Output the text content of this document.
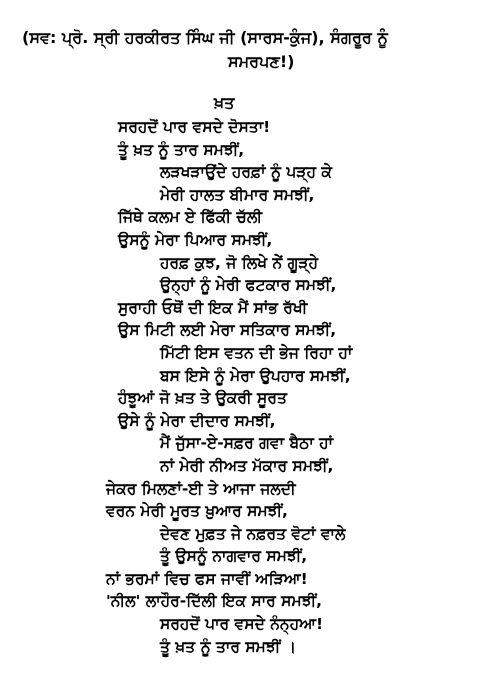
(ਸਵ: ਪ੍ਰੋ. ਸ੍ਰੀ ਹਰਕੀਰਤ ਸਿੰਘ ਜੀ (ਸਾਰਸ-ਕੁੰਜ), ਸੰਗਰੂਰ ਨੂੰ
ਸਮਰਪਣ!)
ਖ਼ਤ
ਸਰਹਦੋਂ ਪਾਰ ਵਸਦੇ ਦੋਸਤਾ!
ਤੂੰ ਖ਼ਤ ਨੂੰ ਤਾਰ ਸਮਝੀਂ,
ਲੜਖੜਾਉਂਦੇ ਹਰਫ਼ਾਂ ਨੂੰ ਪੜ੍ਹ ਕੇ
ਮੇਰੀ ਹਾਲਤ ਬੀਮਾਰ ਸਮਝੀਂ,
ਜਿੱਥੇ ਕਲਮ ਏ ਫਿੱਕੀ ਚੱਲੀ
ਉਸਨੂੰ ਮੇਰਾ ਪਿਆਰ ਸਮਝੀਂ,
ਹਰਫ਼ ਕੁਝ, ਜੋ ਲਿਖੇ ਨੇਂ ਗੂੜ੍ਹੇ
ਉਨ੍ਹਾਂ ਨੂੰ ਮੇਰੀ ਫਟਕਾਰ ਸਮਝੀਂ,
ਸੁਰਾਹੀ ਓਥੋਂ ਦੀ ਇਕ ਮੈਂ ਸਾਂਭ ਰੱਖੀ
ਉਸ ਮਿਟੀ ਲਈ ਮੇਰਾ ਸਤਿਕਾਰ ਸਮਝੀਂ,
ਮਿੱਟੀ ਇਸ ਵਤਨ ਦੀ ਭੇਜ ਰਿਹਾ ਹਾਂ
ਬਸ ਇਸੇ ਨੂੰ ਮੇਰਾ ਉਪਹਾਰ ਸਮਝੀਂ,
ਹੰਝੂਆਂ ਜੋ ਖ਼ਤ ਤੇ ਉਕਰੀ ਸੂਰਤ
ਉਸੇ ਨੂੰ ਮੇਰਾ ਦੀਦਾਰ ਸਮਝੀਂ,
ਮੈਂ ਜੁੱਸਾ-ਏ-ਸਫ਼ਰ ਗਵਾ ਬੈਠਾ ਹਾਂ
ਨਾਂ ਮੇਰੀ ਨੀਅਤ ਮੱਕਾਰ ਸਮਝੀਂ,
ਜੇਕਰ ਮਿਲਣਾਂ-ਈ ਤੇ ਆਜਾ ਜਲਦੀ
ਵਰਨ ਮੇਰੀ ਮੂਰਤ ਖ਼ੁਆਰ ਸਮਝੀਂ,
ਦੇਵਣ ਮੁਫ਼ਤ ਜੇ ਨਫ਼ਰਤ ਵੋਟਾਂ ਵਾਲੇ
ਤੂੰ ਉਸਨੂੰ ਨਾਗਵਾਰ ਸਮਝੀਂ,
ਨਾਂ ਭਰਮਾਂ ਵਿਚ ਫਸ ਜਾਵੀਂ ਅੜਿਆ!
'ਨੀਲ' ਲਾਹੌਰ-ਦਿੱਲੀ ਇਕ ਸਾਰ ਸਮਝੀਂ,
ਸਰਹਦੋਂ ਪਾਰ ਵਸਦੇ ਨੰਨ੍ਹਆ!
ਤੂੰ ਖ਼ਤ ਨੂੰ ਤਾਰ ਸਮਝੀਂ ।
